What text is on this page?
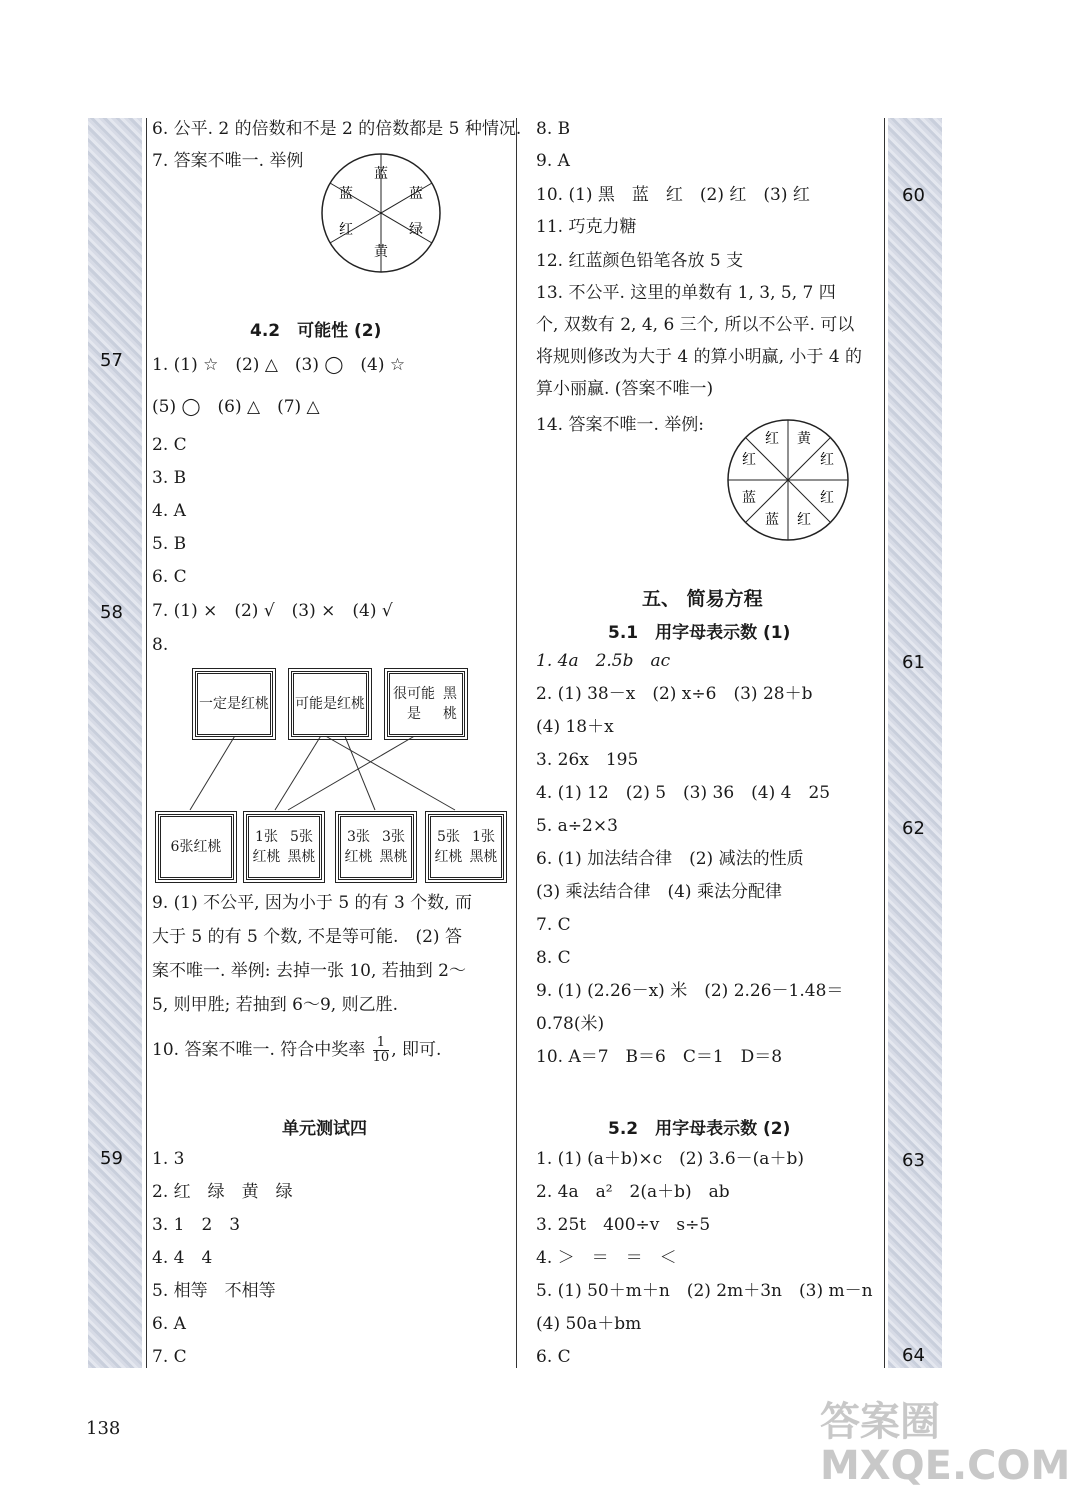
57
58
59
60
61
62
63
64
6. 公平. 2 的倍数和不是 2 的倍数都是 5 种情况.
7. 答案不唯一. 举例
蓝
蓝
绿
黄
红
蓝
4.2　可能性 (2)
1. (1) ☆　(2) △　(3) ◯　(4) ☆
(5) ◯　(6) △　(7) △
2. C
3. B
4. A
5. B
6. C
7. (1) ×　(2) √　(3) ×　(4) √
8.
一定是 红桃 可能是 红桃
很可能是

黑桃
6张红桃
1张红桃

5张黑桃
3张红桃

3张黑桃
5张红桃

1张黑桃
9. (1) 不公平, 因为小于 5 的有 3 个数, 而
大于 5 的有 5 个数, 不是等可能.　(2) 答
案不唯一. 举例: 去掉一张 10, 若抽到 2～
5, 则甲胜; 若抽到 6～9, 则乙胜.
10. 答案不唯一. 符合中奖率 $\frac{1}{10}$ , 即可.
单元测试四
1. 3
2. 红　绿　黄　绿
3. 1　2　3
4. 4　4
5. 相等　不相等
6. A
7. C
8. B
9. A
10. (1) 黑　蓝　红　(2) 红　(3) 红
11. 巧克力糖
12. 红蓝颜色铅笔各放 5 支
13. 不公平. 这里的单数有 1, 3, 5, 7 四
个, 双数有 2, 4, 6 三个, 所以不公平. 可以
将规则修改为大于 4 的算小明赢, 小于 4 的
算小丽赢. (答案不唯一)
14. 答案不唯一. 举例:
黄
红
红
红
蓝
蓝
红
红
五、 简易方程
5.1　用字母表示数 (1)
1. 4a　2.5b　ac
2. (1) 38－x　(2) x÷6　(3) 28＋b
(4) 18＋x
3. 26x　195
4. (1) 12　(2) 5　(3) 36　(4) 4　25
5. a÷2×3
6. (1) 加法结合律　(2) 减法的性质
(3) 乘法结合律　(4) 乘法分配律
7. C
8. C
9. (1) (2.26－x) 米　(2) 2.26－1.48＝
0.78(米)
10. A＝7　B＝6　C＝1　D＝8
5.2　用字母表示数 (2)
1. (1) (a＋b)×c　(2) 3.6－(a＋b)
2. 4a　a²　2(a＋b)　ab
3. 25t　400÷v　s÷5
4. ＞　＝　＝　＜
5. (1) 50＋m＋n　(2) 2m＋3n　(3) m－n
(4) 50a＋bm
6. C
138	答案圈 MXQE.COM
